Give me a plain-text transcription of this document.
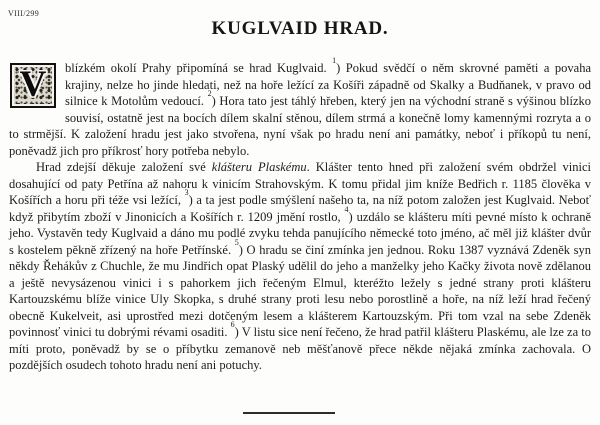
VIII/299
KUGLVAID HRAD.

V blízkém okolí Prahy připomíná se hrad Kuglvaid. $^1$) Pokud svědčí o něm skrovné paměti a povaha krajiny, nelze ho jinde hledati, než na hoře ležící za Košíři západně od Skalky a Budňanek, v pravo od silnice k Motolům vedoucí. $^2$) Hora tato jest táhlý hřeben, který jen na východní straně s výšinou blízko souvisí, ostatně jest na bocích dílem skalní stěnou, dílem strmá a konečně lomy kamennými rozryta a o to strmější. K založení hradu jest jako stvořena, nyní však po hradu není ani památky, neboť i příkopů tu není, poněvadž jich pro příkrosť hory potřeba nebylo.

Hrad zdejší děkuje založení své klášteru Plaskému. Klášter tento hned při založení svém obdržel vinici dosahující od paty Petřína až nahoru k vinicím Strahovským. K tomu přidal jim kníže Bedřich r. 1185 člověka v Košířích a horu při téže vsi ležící, $^3$) a ta jest podle smýšlení našeho ta, na níž potom založen jest Kuglvaid. Neboť když přibytím zboží v Jinonicích a Košířích r. 1209 jmění rostlo, $^4$) uzdálo se klášteru míti pevné místo k ochraně jeho. Vystavěn tedy Kuglvaid a dáno mu podlé zvyku tehda panujícího německé toto jméno, ač měl již klášter dvůr s kostelem pěkně zřízený na hoře Petřínské. $^5$) O hradu se činí zmínka jen jednou. Roku 1387 vyznává Zdeněk syn někdy Řehákův z Chuchle, že mu Jindřich opat Plaský udělil do jeho a manželky jeho Kačky života nově zdělanou a ještě nevysázenou vinici i s pahorkem jich řečeným Elmul, kteréžto ležely s jedné strany proti klášteru Kartouzskému blíže vinice Uly Skopka, s druhé strany proti lesu nebo porostlině a hoře, na níž leží hrad řečený obecně Kukelveit, asi uprostřed mezi dotčeným lesem a klášterem Kartouzským. Při tom vzal na sebe Zdeněk povinnosť vinici tu dobrými révami osaditi. $^6$) V listu sice není řečeno, že hrad patřil klášteru Plaskému, ale lze za to míti proto, poněvadž by se o příbytku zemanově neb měšťanově přece někde nějaká zmínka zachovala. O pozdějších osudech tohoto hradu není ani potuchy.
